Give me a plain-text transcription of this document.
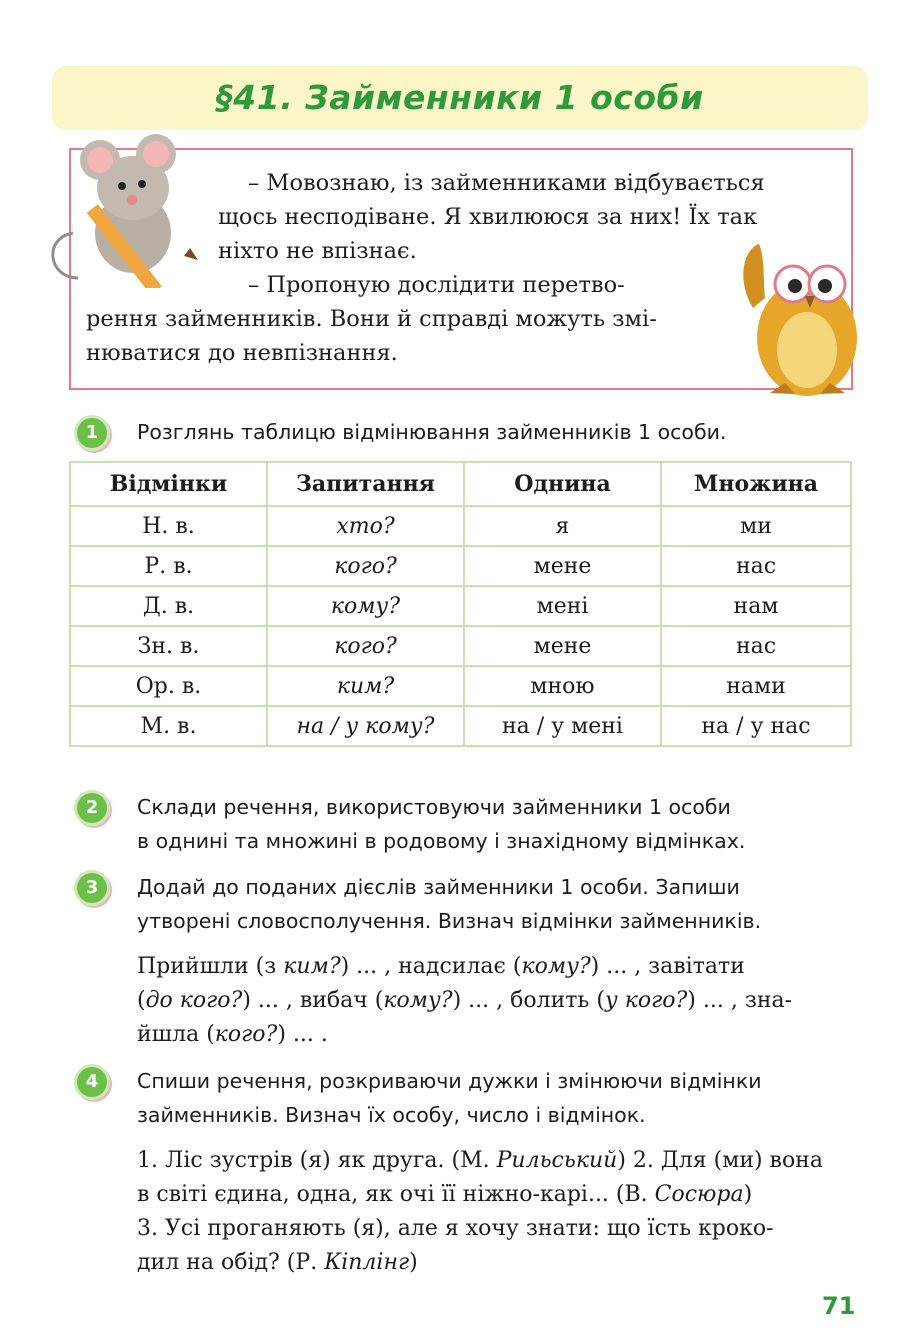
§41. Займенники 1 особи
– Мовознаю, із займенниками відбувається
щось несподіване. Я хвилююся за них! Їх так
ніхто не впізнає.
– Пропоную дослідити перетво-
рення займенників. Вони й справді можуть змі-
нюватися до невпізнання.
1	Розглянь таблицю відмінювання займенників 1 особи.
Відмінки	Запитання	Однина	Множина
Н. в.	хто?	я	ми
Р. в.	кого?	мене	нас
Д. в.	кому?	мені	нам
Зн. в.	кого?	мене	нас
Ор. в.	ким?	мною	нами
М. в.	на / у кому?	на / у мені	на / у нас
2	Склади речення, використовуючи займенники 1 особи
в однині та множині в родовому і знахідному відмінках.
3	Додай до поданих дієслів займенники 1 особи. Запиши
утворені словосполучення. Визнач відмінки займенників.
Прийшли (з ким?) ... , надсилає (кому?) ... , завітати
(до кого?) ... , вибач (кому?) ... , болить (у кого?) ... , зна-
йшла (кого?) ... .
4	Спиши речення, розкриваючи дужки і змінюючи відмінки
займенників. Визнач їх особу, число і відмінок.
1. Ліс зустрів (я) як друга. (М. Рильський) 2. Для (ми) вона
в світі єдина, одна, як очі її ніжно-карі... (В. Сосюра)
3. Усі проганяють (я), але я хочу знати: що їсть кроко-
дил на обід? (Р. Кіплінг)
71
